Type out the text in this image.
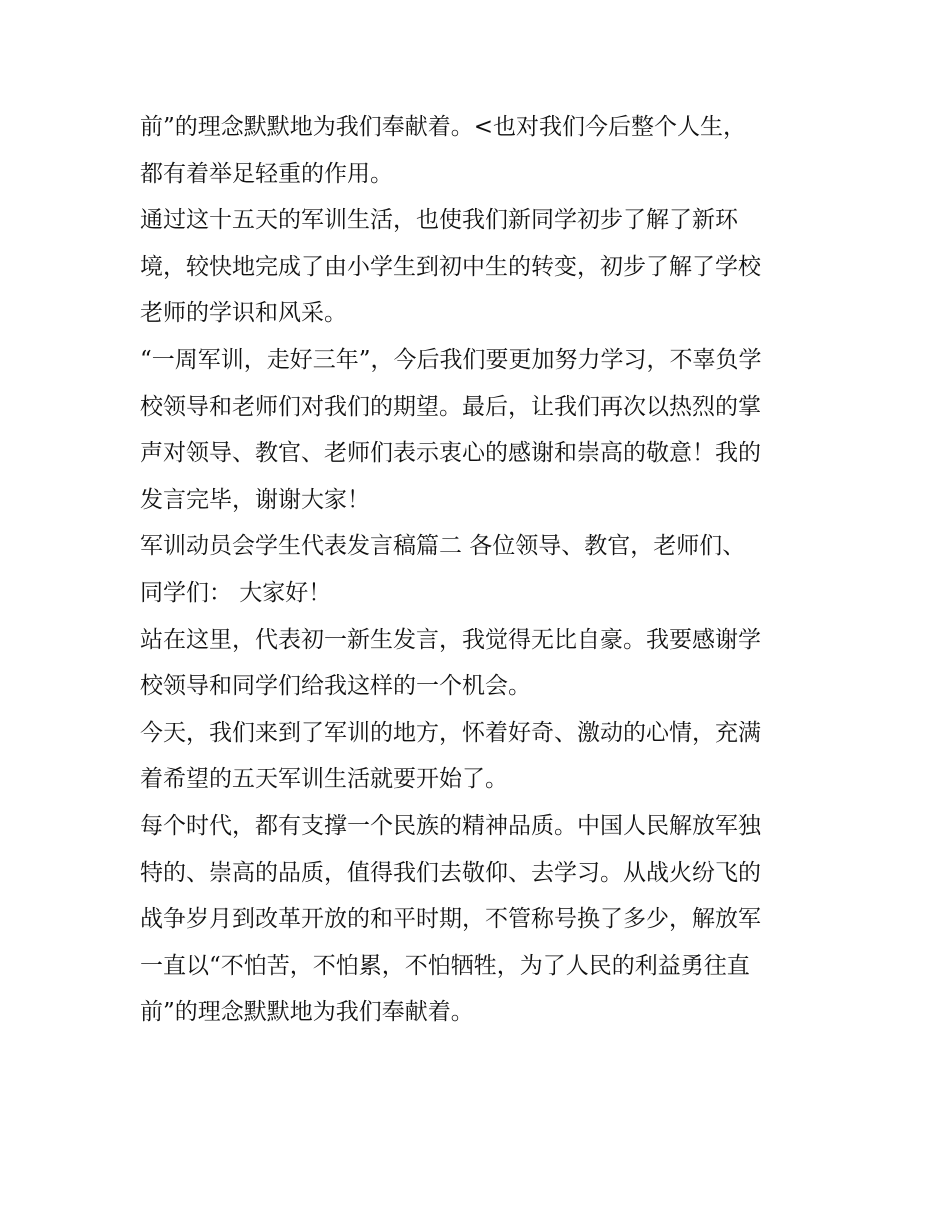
前”的理念默默地为我们奉献着。<也对我们今后整个人生，
都有着举足轻重的作用。
通过这十五天的军训生活，也使我们新同学初步了解了新环
境，较快地完成了由小学生到初中生的转变，初步了解了学校
老师的学识和风采。
“一周军训，走好三年”，今后我们要更加努力学习，不辜负学
校领导和老师们对我们的期望。最后，让我们再次以热烈的掌
声对领导、教官、老师们表示衷心的感谢和崇高的敬意！我的
发言完毕，谢谢大家！
军训动员会学生代表发言稿篇二 各位领导、教官，老师们、
同学们： 大家好！
站在这里，代表初一新生发言，我觉得无比自豪。我要感谢学
校领导和同学们给我这样的一个机会。
今天，我们来到了军训的地方，怀着好奇、激动的心情，充满
着希望的五天军训生活就要开始了。
每个时代，都有支撑一个民族的精神品质。中国人民解放军独
特的、崇高的品质，值得我们去敬仰、去学习。从战火纷飞的
战争岁月到改革开放的和平时期，不管称号换了多少，解放军
一直以“不怕苦，不怕累，不怕牺牲，为了人民的利益勇往直
前”的理念默默地为我们奉献着。
